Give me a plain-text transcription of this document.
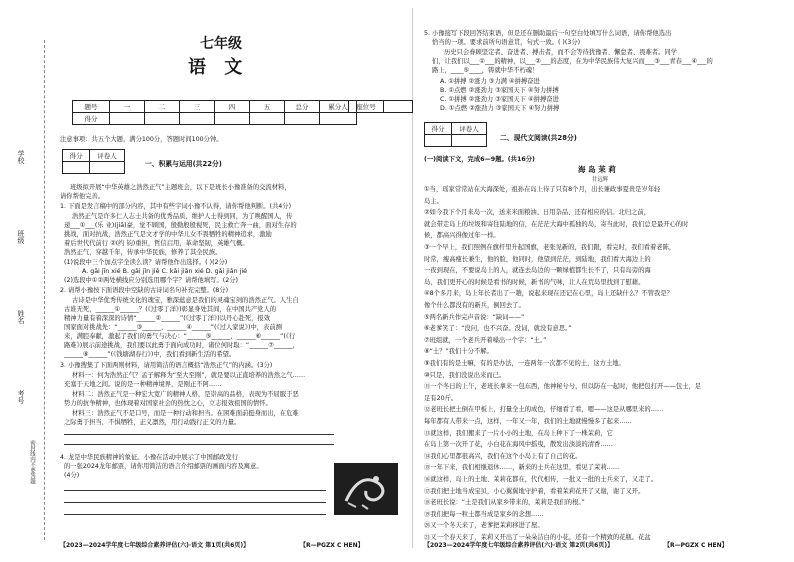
学校
班级
姓名
考号
密封线内不要答题
七年级
语 文
题号	一	二	三	四	五	总分	累分人
得分							
座位号	
注意事项：共五个大题，满分100分，答题时间100分钟。
得分	评卷人

一、积累与运用(共22分)
班级拟开展“中华英雄之浩然正气”主题班会，以下是班长小豫准备的交流材料，
请你帮他完善。
1. 下面是发言稿中的部分内容，其中有些字词小豫不认得，请你帮他判断。(共4分)
浩然正气是许多仁人志士共备的优秀品质，维护人士得到同，为了唤醒国人，传
递___①___(乐 业)(jiā)豪，觉不顾国，殷勤殷殷视死，民主救亡奔一曲，面对生存的
挑战，面对抗战，浩然正气是文才学的中华儿女不畏牺牲的精神追求，激励
着后世代代前行 ②(约 钧)重担，哲信启用，革命坚韧，英雄气概。
浩然正气，穿越千年，传承中华民族，修养了其全民族。
(1)说段中三个加点字全读么读？请帮他作出选择。( )(2分)
A. gāi jīn xié B. gāi jǐn jiē C. kǎi jiǎn xié D. gǎi jiǎn jié
(2)选段中①②两处横线应分别选用哪个字？请帮他填写。(2分)
2. 请帮小豫按下面语段中空缺的古诗词名句补充完整。(8分)
古诗是中华优秀传统文化的瑰宝，雅深蕴意是我们的灵魂宝剑的浩然正气。人生自
古谁无死，______①______？(《过零丁洋》)彰显身处其间，在中国共产党人的
精神力量有着深深的诗情“______②______”(《过零丁洋》)以丹心赴死，报效
国家面对挑战先：“______③______，______④______”(《过人家说》)中，表前测
来，满腔奉献，激起了我们的勇气与决心：“______⑤______，______⑥______”(《行
路难》)展示前途挑战，我们要以此勇于面向成功时，诸位何时取：“______⑦______，
______⑧______”(《钱塘湖春行》)中，我们看到新生活的希望。
3. 小豫搜集了下面两则材料，请用简洁的语言概括“浩然正气”的内涵。(3分)
材料一：何为浩然正气？孟子解释为“至大至刚”，就是要以正直培养的浩然之气……
充塞于天地之间。说的是一种精神境界，是刚正不阿……
材料二：浩然正气是一种宏大宽广的精神人格，是崇高的品格，表现为不屈服于恶
势力的抗争精神，也体现着对国家社会的热忱之心，立志报效祖国的情怀。
材料三：浩然正气不是口号，而是一种行动和担当。在困难面前挺身而出，在危难
之际勇于担当，不惧牺牲，正义凛然，用行动践行正义的力量。
4. 龙是中华民族精神的象征。小豫在活动中展示了中国邮政发行
的一张2024龙年邮票，请你用简洁的语言介绍邮票的画面内容及寓意。
(4分)
【2023—2024学年度七年级综合素养评估(六)·语文 第1页(共6页)】	【R—PGZX C HEN】
5. 小豫接写下段回答结束语，但是还在删助最后一句空白处填写什么词语，请你帮他选出
恰当的一项。要求前所句语意贯，句式一致。( )(3分)
历史只会眷顾坚定者、奋进者、搏击者，而不会等待犹豫者、懈怠者、畏难者。同学
们，让我们以___①___的精神，以___②___的态度，在为中华民族伟大复兴而___③___青春___④___的
路上，____⑤____，铸就中华不朽魂！
A. ①拼搏 ②涨力 ③力满 ④拼搏奋进
B. ①点燃 ②涨劲力 ③家国天下 ④努力拼搏
C. ①拼搏 ②涨劲力 ③家国天下 ④拼搏奋进
D. ①点燃 ②涨劲力 ③家国天下 ④努力拼搏
得分	评卷人

二、现代文阅读(共28分)
(一)阅读下文，完成6—9题。(共16分)
海 岛 茉 莉
甘远辉
①当，瑶家常常站在大海深处，祖孙在岛上待了只有8个月，出长兼政事夏贵是岁年轻
岛主。
②如今我下个月来岛一次，送来米面粮油、日用杂品、还有相应的信。北归之前，
就会带走岛上的垃圾和寄往陆地的信，在茫茫大海中孤独的岛，寄当此时，我们总是最开心的时
候，都高兴得像过年一样。
③一个早上，我们照例在旗杆里升起国旗，老张见新的，我们跟，看完时，我们看着老陈，
时常，瘦高瘦长兼生，他的脸，他同时，他望到茫茫，到陆地，我们看大海边上的
一夜到现在，不要说岛上的人，就连去岛边的一颗绿植都生长不了，只有岛旁的海
岛，我们更开心的时候是看书的时候，新书的气味，让人在荒岛里找到了慰藉。
④8个多月来，岛上年长者出了一趟，说起来现在还记在心里，岛上还缺什么？不管我是？
像个什么都没有的新兵，倒回去了。
⑤两名新兵作完声音说：“缺词——”
⑥老爹笑了：“没问，也不兴奋。没词，就没有意思。”
⑦班组就，一个老兵开着嗓出一个字：“土。”
⑧“土？”我们十分不解。
⑨我们有的是土嘛，有的是办法，一连两年一次都不见的土，这方土地。
⑩只是，我们没说出来而已。
⑪一个冬日的上午，老班长拿来一包东西，他神秘兮兮，但以防在一起时，他把包打开——包土，足
足有20斤。
⑫老班长把土倒在甲板上，打量全土的成色，仔细看了看，嗯——这是从哪里来的……
每年都有人带来一点，这样，一年又一年，我们的土地就慢慢多了起来……
⑬就这样，我们搬来了一片小小的土地，在岛上种下了一株茉莉，它
在岛上第一次开了花，小白花在海风中摇曳，散发出淡淡的清香……
⑭我们心里都很高兴，我们在这个小岛上有了自己的花。
⑮一年下来，我们相继退休……，新来的士兵在这里，看见了茉莉……
⑯就这样，岛上的土地、茉莉花都在，代代相传，一批又一批的士兵来了，又走了。
⑰我们把土地当成宝贝，小心翼翼地守护着，看着茉莉花开了又谢，谢了又开。
⑱老班长说：“土是我们从家乡带来的，茉莉是我们的根。”
⑲我们把每一粒土都当成是家乡的念想……
⑳又一个冬天来了，老爹把茉莉移进了屋。
㉑又一个春天来了，茉莉又开出了一朵朵洁白的小花，还有一个精致的花瓶。花盆
【2023—2024学年度七年级综合素养评估(六)·语文 第2页(共6页)】	【R—PGZX C HEN】
